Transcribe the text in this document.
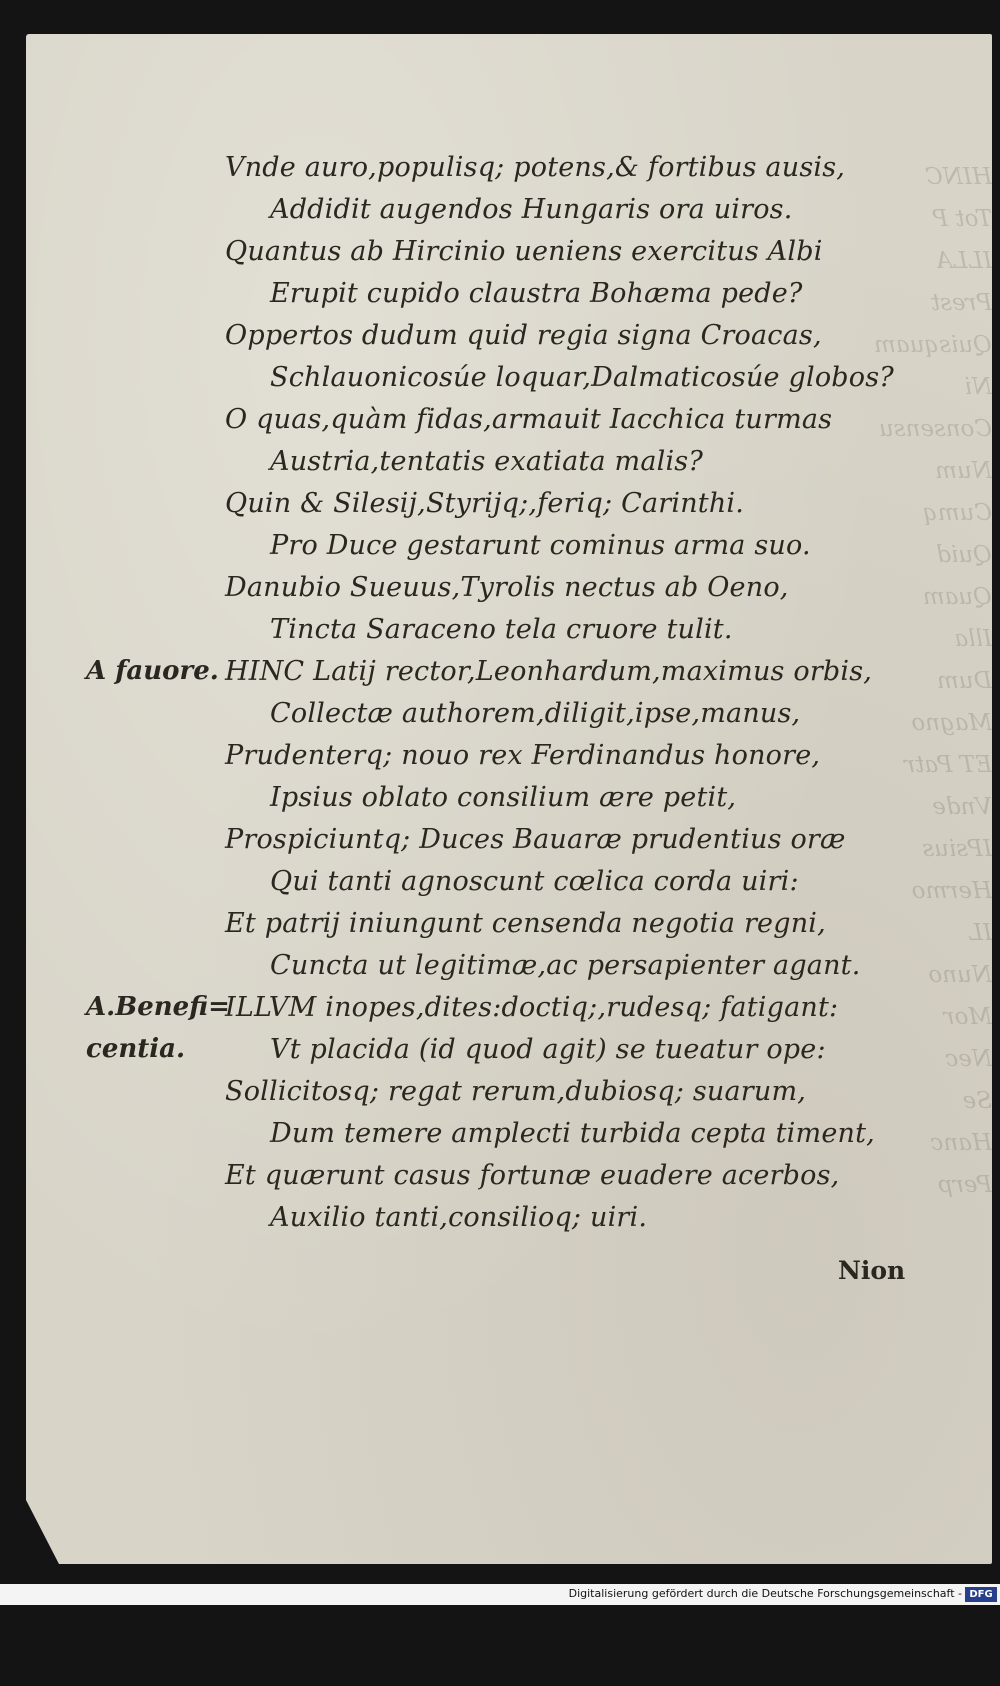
HINC
Tot P
ILLA
Prest
Quisquam
Ni
Consensu
Num
Cumq
Quid
Quam
Illa
Dum
Magno
ET Patr
Vnde
IPsius
Hermo
IL
Nuno
Mor
Nec
Se
Hanc
Perp
Vnde auro,populisq; potens,& fortibus ausis,
Addidit augendos Hungaris ora uiros.
Quantus ab Hircinio ueniens exercitus Albi
Erupit cupido claustra Bohæma pede?
Oppertos dudum quid regia signa Croacas,
Schlauonicosúe loquar,Dalmaticosúe globos?
O quas,quàm fidas,armauit Iacchica turmas
Austria,tentatis exatiata malis?
Quin & Silesij,Styrijq;,feriq; Carinthi.
Pro Duce gestarunt cominus arma suo.
Danubio Sueuus,Tyrolis nectus ab Oeno,
Tincta Saraceno tela cruore tulit.
HINC Latij rector,Leonhardum,maximus orbis,
Collectæ authorem,diligit,ipse,manus,
Prudenterq; nouo rex Ferdinandus honore,
Ipsius oblato consilium ære petit,
Prospiciuntq; Duces Bauaræ prudentius oræ
Qui tanti agnoscunt cœlica corda uiri:
Et patrij iniungunt censenda negotia regni,
Cuncta ut legitimæ,ac persapienter agant.
ILLVM inopes,dites:doctiq;,rudesq; fatigant:
Vt placida (id quod agit) se tueatur ope:
Sollicitosq; regat rerum,dubiosq; suarum,
Dum temere amplecti turbida cepta timent,
Et quærunt casus fortunæ euadere acerbos,
Auxilio tanti,consilioq; uiri.
A fauore.
A.Benefi=
centia.
Nion
Digitalisierung gefördert durch die Deutsche Forschungsgemeinschaft - DFG
